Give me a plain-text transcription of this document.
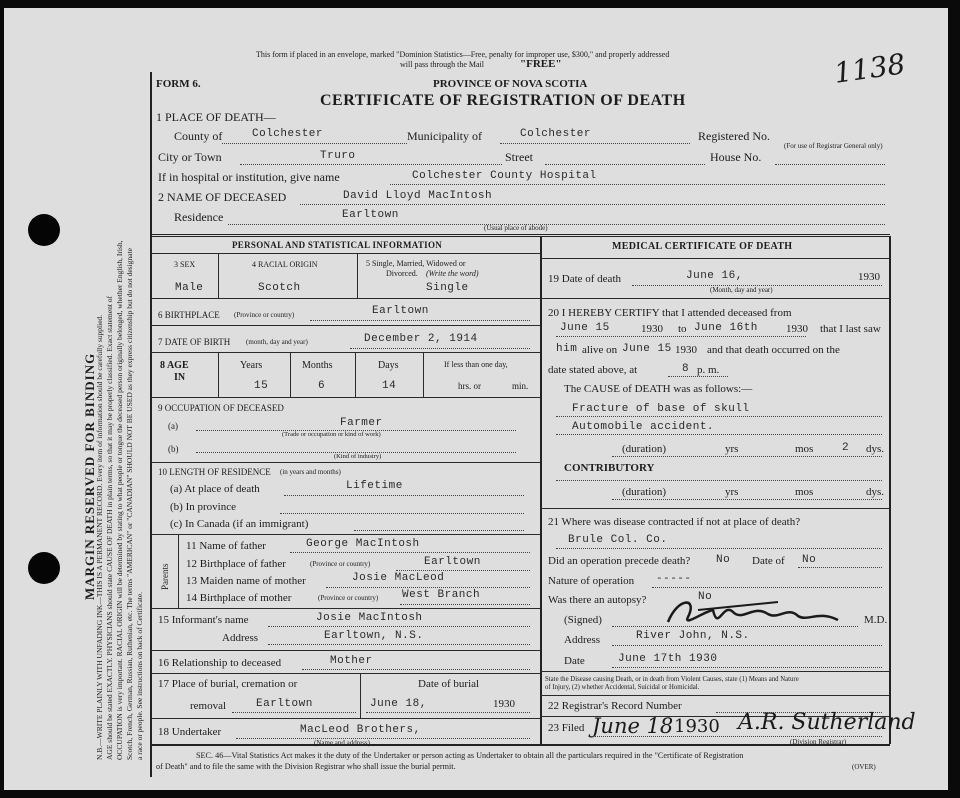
MARGIN RESERVED FOR BINDING
N.B.—WRITE PLAINLY WITH UNFADING INK—THIS IS A PERMANENT RECORD. Every item of information should be carefully supplied. AGE should be stated EXACTLY. PHYSICIANS should state CAUSE OF DEATH in plain terms, so that it may be properly classified. Exact statement of OCCUPATION is very important. RACIAL ORIGIN will be determined by stating to what people or tongue the deceased person originally belonged, whether English, Irish, Scotch, French, German, Russian, Ruthenian, etc. The terms "AMERICAN" or "CANADIAN" SHOULD NOT BE USED as they express citizenship but do not designate a race or people. See instructions on back of Certificate.
This form if placed in an envelope, marked "Dominion Statistics—Free, penalty for improper use, $300," and properly addressed
will pass through the Mail	"FREE"
FORM 6.	PROVINCE OF NOVA SCOTIA
CERTIFICATE OF REGISTRATION OF DEATH
1138
1 PLACE OF DEATH—
County of	Colchester	Municipality of	Colchester	Registered No.
(For use of Registrar General only)
City or Town	Truro	Street	House No.
If in hospital or institution, give name	Colchester County Hospital
2 NAME OF DECEASED	David Lloyd MacIntosh
Residence	Earltown
(Usual place of abode)
PERSONAL AND STATISTICAL INFORMATION
3 SEX
Male
4 RACIAL ORIGIN
Scotch
5 Single, Married, Widowed or
Divorced. (Write the word)
Single
6 BIRTHPLACE (Province or country)	Earltown
7 DATE OF BIRTH (month, day and year)	December 2, 1914
8 AGE
IN
Years
15
Months
6
Days
14
If less than one day,
hrs. or	min.
9 OCCUPATION OF DECEASED
(a)	Farmer
(Trade or occupation or kind of work)
(b)
(Kind of industry)
10 LENGTH OF RESIDENCE (in years and months)
(a) At place of death	Lifetime
(b) In province
(c) In Canada (if an immigrant)
Parents
11 Name of father	George MacIntosh
12 Birthplace of father	(Province or country)	Earltown
13 Maiden name of mother	Josie MacLeod
14 Birthplace of mother	(Province or country) West Branch
15 Informant's name	Josie MacIntosh
Address	Earltown, N.S.
16 Relationship to deceased	Mother
17 Place of burial, cremation or
removal	Earltown
Date of burial
June 18,	1930
18 Undertaker	MacLeod Brothers,
(Name and address)
MEDICAL CERTIFICATE OF DEATH
19 Date of death	June 16,	1930
(Month, day and year)
20 I HEREBY CERTIFY that I attended deceased from
June 15	1930 to June 16th	1930 that I last saw
him alive on June 15 1930 and that death occurred on the
date stated above, at	8 p. m.
The CAUSE of DEATH was as follows:—
Fracture of base of skull
Automobile accident.
(duration)	yrs	mos	2 dys.
CONTRIBUTORY
(duration)	yrs	mos	dys.
21 Where was disease contracted if not at place of death?
Brule Col. Co.
Did an operation precede death? No Date of No
Nature of operation -----
Was there an autopsy?	No
(Signed)	M.D.
Address	River John, N.S.
Date	June 17th 1930
State the Disease causing Death, or in death from Violent Causes, state (1) Means and Nature
of Injury, (2) whether Accidental, Suicidal or Homicidal.
22 Registrar's Record Number
23 Filed June 18 1930 A.R. Sutherland
(Division Registrar)
SEC. 46—Vital Statistics Act makes it the duty of the Undertaker or person acting as Undertaker to obtain all the particulars required in the "Certificate of Registration
of Death" and to file the same with the Division Registrar who shall issue the burial permit.	(OVER)
